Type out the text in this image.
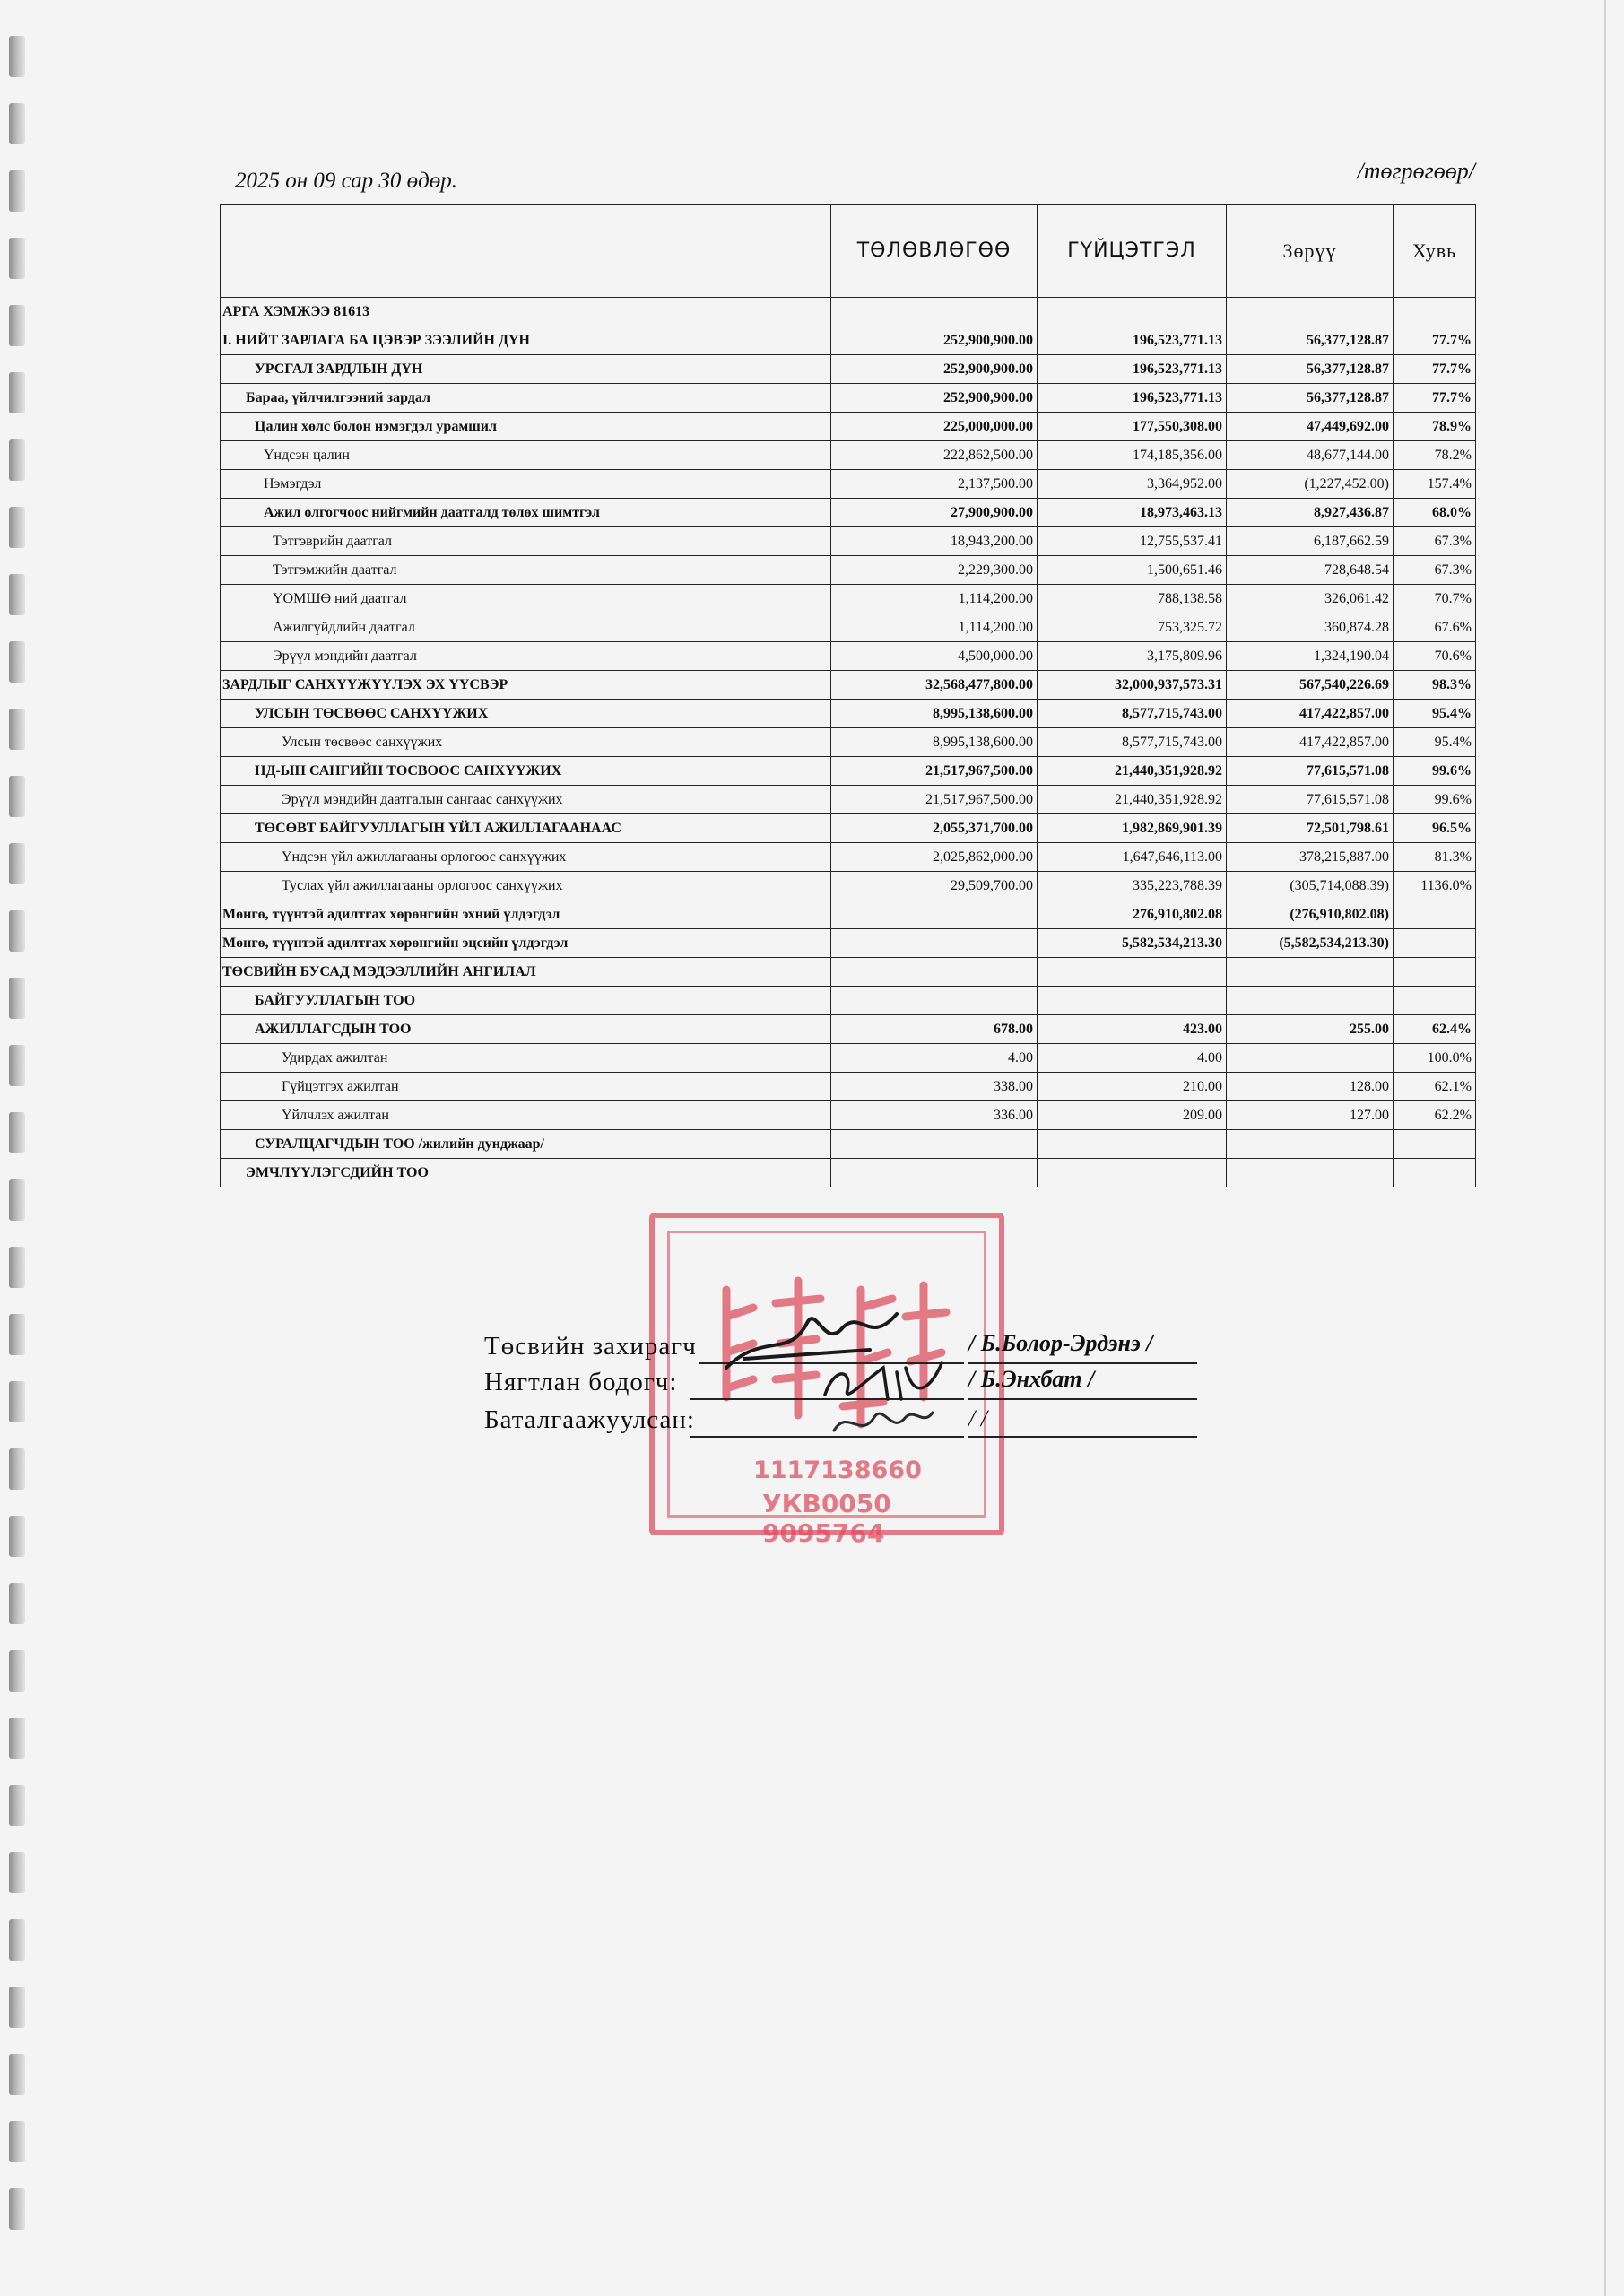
2025 он 09 сар 30 өдөр.	/төгрөгөөр/
	ТӨЛӨВЛӨГӨӨ	ГҮЙЦЭТГЭЛ	Зөрүү	Хувь
АРГА ХЭМЖЭЭ 81613				
I. НИЙТ ЗАРЛАГА БА ЦЭВЭР ЗЭЭЛИЙН ДҮН	252,900,900.00	196,523,771.13	56,377,128.87	77.7%
УРСГАЛ ЗАРДЛЫН ДҮН	252,900,900.00	196,523,771.13	56,377,128.87	77.7%
Бараа, үйлчилгээний зардал	252,900,900.00	196,523,771.13	56,377,128.87	77.7%
Цалин хөлс болон нэмэгдэл урамшил	225,000,000.00	177,550,308.00	47,449,692.00	78.9%
Үндсэн цалин	222,862,500.00	174,185,356.00	48,677,144.00	78.2%
Нэмэгдэл	2,137,500.00	3,364,952.00	(1,227,452.00)	157.4%
Ажил олгогчоос нийгмийн даатгалд төлөх шимтгэл	27,900,900.00	18,973,463.13	8,927,436.87	68.0%
Тэтгэврийн даатгал	18,943,200.00	12,755,537.41	6,187,662.59	67.3%
Тэтгэмжийн даатгал	2,229,300.00	1,500,651.46	728,648.54	67.3%
ҮОМШӨ ний даатгал	1,114,200.00	788,138.58	326,061.42	70.7%
Ажилгүйдлийн даатгал	1,114,200.00	753,325.72	360,874.28	67.6%
Эрүүл мэндийн даатгал	4,500,000.00	3,175,809.96	1,324,190.04	70.6%
ЗАРДЛЫГ САНХҮҮЖҮҮЛЭХ ЭХ ҮҮСВЭР	32,568,477,800.00	32,000,937,573.31	567,540,226.69	98.3%
УЛСЫН ТӨСВӨӨС САНХҮҮЖИХ	8,995,138,600.00	8,577,715,743.00	417,422,857.00	95.4%
Улсын төсвөөс санхүүжих	8,995,138,600.00	8,577,715,743.00	417,422,857.00	95.4%
НД-ЫН САНГИЙН ТӨСВӨӨС САНХҮҮЖИХ	21,517,967,500.00	21,440,351,928.92	77,615,571.08	99.6%
Эрүүл мэндийн даатгалын сангаас санхүүжих	21,517,967,500.00	21,440,351,928.92	77,615,571.08	99.6%
ТӨСӨВТ БАЙГУУЛЛАГЫН ҮЙЛ АЖИЛЛАГААНААС	2,055,371,700.00	1,982,869,901.39	72,501,798.61	96.5%
Үндсэн үйл ажиллагааны орлогоос санхүүжих	2,025,862,000.00	1,647,646,113.00	378,215,887.00	81.3%
Туслах үйл ажиллагааны орлогоос санхүүжих	29,509,700.00	335,223,788.39	(305,714,088.39)	1136.0%
Мөнгө, түүнтэй адилтгах хөрөнгийн эхний үлдэгдэл		276,910,802.08	(276,910,802.08)	
Мөнгө, түүнтэй адилтгах хөрөнгийн эцсийн үлдэгдэл		5,582,534,213.30	(5,582,534,213.30)	
ТӨСВИЙН БУСАД МЭДЭЭЛЛИЙН АНГИЛАЛ				
БАЙГУУЛЛАГЫН ТОО				
АЖИЛЛАГСДЫН ТОО	678.00	423.00	255.00	62.4%
Удирдах ажилтан	4.00	4.00		100.0%
Гүйцэтгэх ажилтан	338.00	210.00	128.00	62.1%
Үйлчлэх ажилтан	336.00	209.00	127.00	62.2%
СУРАЛЦАГЧДЫН ТОО /жилийн дунджаар/				
ЭМЧЛҮҮЛЭГСДИЙН ТОО				
1117138660
УКВ0050 9095764
Төсвийн захирагч	/ Б.Болор-Эрдэнэ /
Нягтлан бодогч:	/ Б.Энхбат /
Баталгаажуулсан:	/ /
